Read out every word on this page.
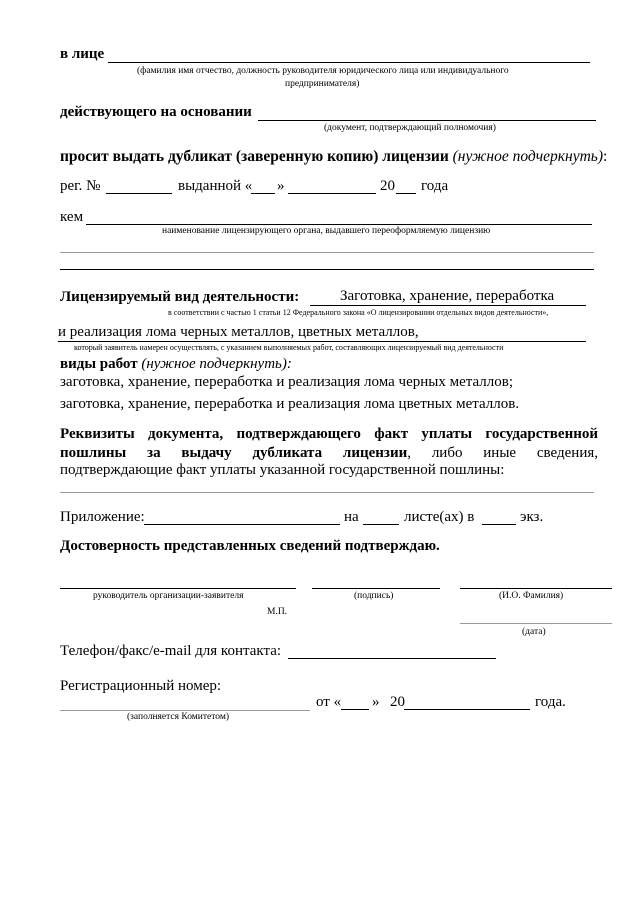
в лице
(фамилия имя отчество, должность руководителя юридического лица или индивидуального
предпринимателя)
действующего на основании
(документ, подтверждающий полномочия)
просит выдать дубликат (заверенную копию) лицензии (нужное подчеркнуть):
рег. №	выданной « »	20 года
кем
наименование лицензирующего органа, выдавшего переоформляемую лицензию
Лицензируемый вид деятельности:	Заготовка, хранение, переработка
в соответствии с частью 1 статьи 12 Федерального закона «О лицензировании отдельных видов деятельности»,
и реализация лома черных металлов, цветных металлов,
который заявитель намерен осуществлять, с указанием выполняемых работ, составляющих лицензируемый вид деятельности
виды работ (нужное подчеркнуть):
заготовка, хранение, переработка и реализация лома черных металлов;
заготовка, хранение, переработка и реализация лома цветных металлов.
Реквизиты документа, подтверждающего факт уплаты государственной
пошлины за выдачу дубликата лицензии, либо иные сведения,
подтверждающие факт уплаты указанной государственной пошлины:
Приложение:	на	листе(ах) в	экз.
Достоверность представленных сведений подтверждаю.
руководитель организации-заявителя	(подпись)	(И.О. Фамилия)
М.П.
(дата)
Телефон/факс/e-mail для контакта:
Регистрационный номер:
от « » 20	года.
(заполняется Комитетом)
